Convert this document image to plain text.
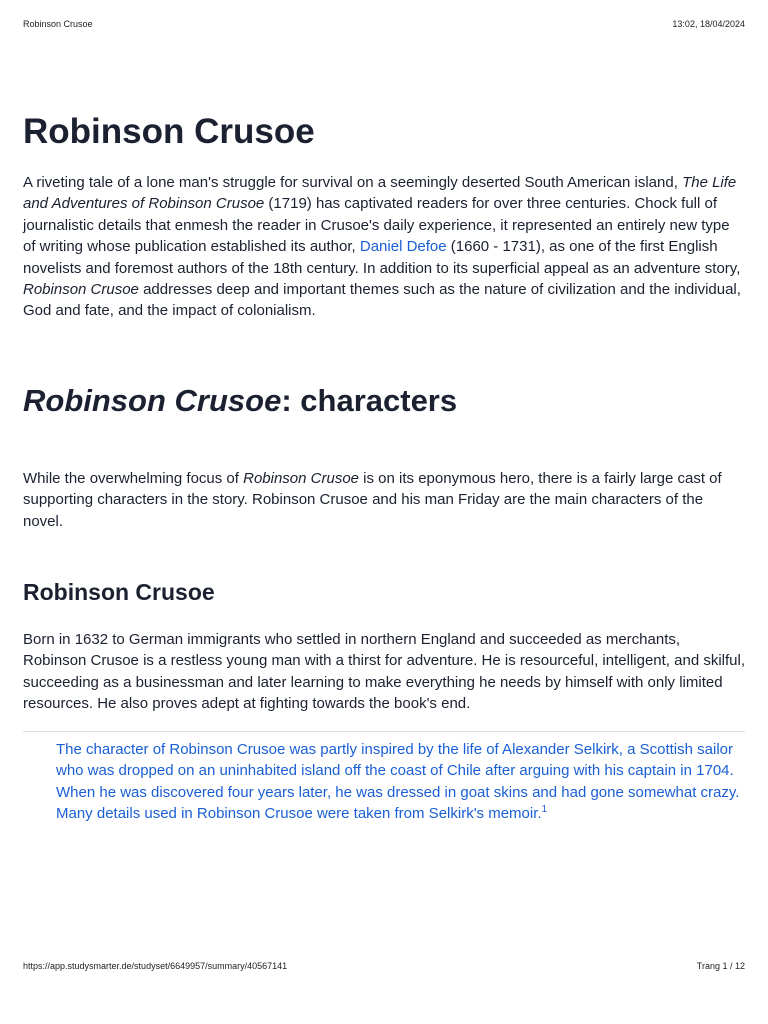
Robinson Crusoe	13:02, 18/04/2024
Robinson Crusoe

A riveting tale of a lone man's struggle for survival on a seemingly deserted South American island, The Life and Adventures of Robinson Crusoe (1719) has captivated readers for over three centuries. Chock full of journalistic details that enmesh the reader in Crusoe's daily experience, it represented an entirely new type of writing whose publication established its author, Daniel Defoe (1660 - 1731), as one of the first English novelists and foremost authors of the 18th century. In addition to its superficial appeal as an adventure story, Robinson Crusoe addresses deep and important themes such as the nature of civilization and the individual, God and fate, and the impact of colonialism.

Robinson Crusoe: characters

While the overwhelming focus of Robinson Crusoe is on its eponymous hero, there is a fairly large cast of supporting characters in the story. Robinson Crusoe and his man Friday are the main characters of the novel.

Robinson Crusoe

Born in 1632 to German immigrants who settled in northern England and succeeded as merchants, Robinson Crusoe is a restless young man with a thirst for adventure. He is resourceful, intelligent, and skilful, succeeding as a businessman and later learning to make everything he needs by himself with only limited resources. He also proves adept at fighting towards the book's end.

The character of Robinson Crusoe was partly inspired by the life of Alexander Selkirk, a Scottish sailor who was dropped on an uninhabited island off the coast of Chile after arguing with his captain in 1704. When he was discovered four years later, he was dressed in goat skins and had gone somewhat crazy. Many details used in Robinson Crusoe were taken from Selkirk's memoir.$^1$

https://app.studysmarter.de/studyset/6649957/summary/40567141	Trang 1 / 12
